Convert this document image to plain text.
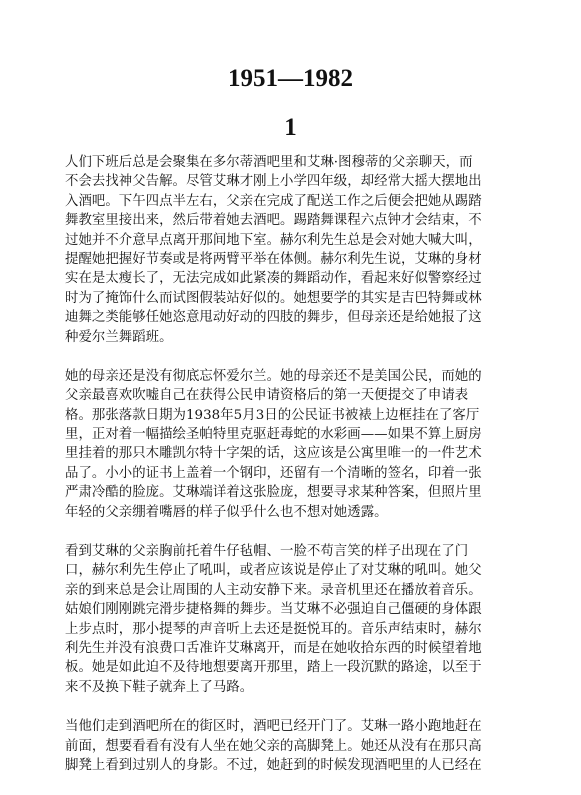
1951—1982
1

人们下班后总是会聚集在多尔蒂酒吧里和艾琳·图穆蒂的父亲聊天，而
不会去找神父告解。尽管艾琳才刚上小学四年级，却经常大摇大摆地出
入酒吧。下午四点半左右，父亲在完成了配送工作之后便会把她从踢踏
舞教室里接出来，然后带着她去酒吧。踢踏舞课程六点钟才会结束，不
过她并不介意早点离开那间地下室。赫尔利先生总是会对她大喊大叫，
提醒她把握好节奏或是将两臂平举在体侧。赫尔利先生说，艾琳的身材
实在是太瘦长了，无法完成如此紧凑的舞蹈动作，看起来好似警察经过
时为了掩饰什么而试图假装站好似的。她想要学的其实是吉巴特舞或林
迪舞之类能够任她恣意甩动好动的四肢的舞步，但母亲还是给她报了这
种爱尔兰舞蹈班。

她的母亲还是没有彻底忘怀爱尔兰。她的母亲还不是美国公民，而她的
父亲最喜欢吹嘘自己在获得公民申请资格后的第一天便提交了申请表
格。那张落款日期为1938年5月3日的公民证书被裱上边框挂在了客厅
里，正对着一幅描绘圣帕特里克驱赶毒蛇的水彩画——如果不算上厨房
里挂着的那只木雕凯尔特十字架的话，这应该是公寓里唯一的一件艺术
品了。小小的证书上盖着一个钢印，还留有一个清晰的签名，印着一张
严肃冷酷的脸庞。艾琳端详着这张脸庞，想要寻求某种答案，但照片里
年轻的父亲绷着嘴唇的样子似乎什么也不想对她透露。

看到艾琳的父亲胸前托着牛仔毡帽、一脸不苟言笑的样子出现在了门
口，赫尔利先生停止了吼叫，或者应该说是停止了对艾琳的吼叫。她父
亲的到来总是会让周围的人主动安静下来。录音机里还在播放着音乐。
姑娘们刚刚跳完滑步捷格舞的舞步。当艾琳不必强迫自己僵硬的身体跟
上步点时，那小提琴的声音听上去还是挺悦耳的。音乐声结束时，赫尔
利先生并没有浪费口舌准许艾琳离开，而是在她收拾东西的时候望着地
板。她是如此迫不及待地想要离开那里，踏上一段沉默的路途，以至于
来不及换下鞋子就奔上了马路。

当他们走到酒吧所在的街区时，酒吧已经开门了。艾琳一路小跑地赶在
前面，想要看看有没有人坐在她父亲的高脚凳上。她还从没有在那只高
脚凳上看到过别人的身影。不过，她赶到的时候发现酒吧里的人已经在
